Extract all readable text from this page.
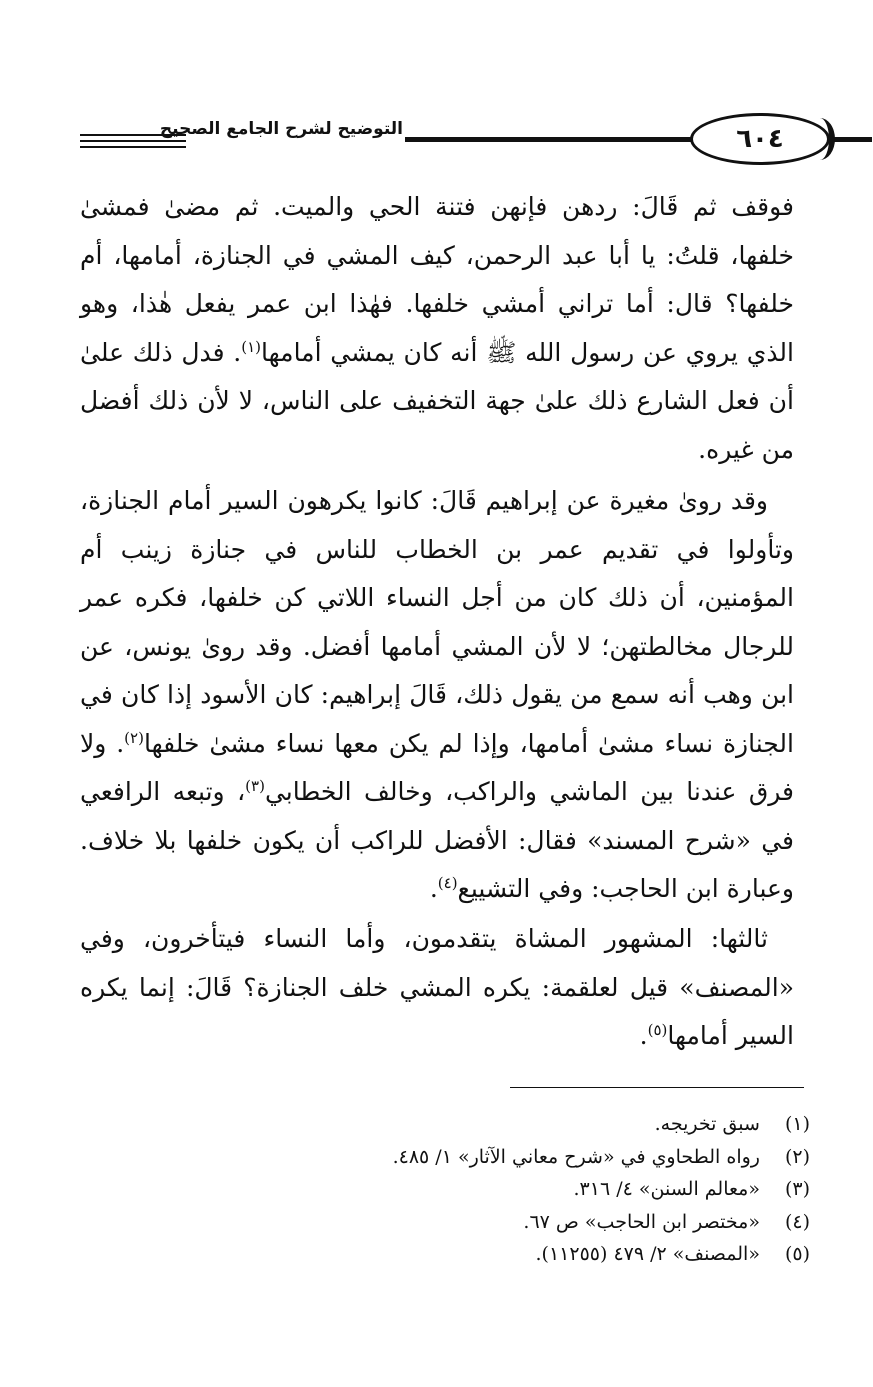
التوضيح لشرح الجامع الصحيح	٦٠٤

فوقف ثم قَالَ: ردهن فإنهن فتنة الحي والميت. ثم مضىٰ فمشىٰ خلفها، قلتُ: يا أبا عبد الرحمن، كيف المشي في الجنازة، أمامها، أم خلفها؟ قال: أما تراني أمشي خلفها. فهٰذا ابن عمر يفعل هٰذا، وهو الذي يروي عن رسول الله ﷺ أنه كان يمشي أمامها$^{(١)}$. فدل ذلك علىٰ أن فعل الشارع ذلك علىٰ جهة التخفيف على الناس، لا لأن ذلك أفضل من غيره.

وقد روىٰ مغيرة عن إبراهيم قَالَ: كانوا يكرهون السير أمام الجنازة، وتأولوا في تقديم عمر بن الخطاب للناس في جنازة زينب أم المؤمنين، أن ذلك كان من أجل النساء اللاتي كن خلفها، فكره عمر للرجال مخالطتهن؛ لا لأن المشي أمامها أفضل. وقد روىٰ يونس، عن ابن وهب أنه سمع من يقول ذلك، قَالَ إبراهيم: كان الأسود إذا كان في الجنازة نساء مشىٰ أمامها، وإذا لم يكن معها نساء مشىٰ خلفها$^{(٢)}$. ولا فرق عندنا بين الماشي والراكب، وخالف الخطابي$^{(٣)}$، وتبعه الرافعي في «شرح المسند» فقال: الأفضل للراكب أن يكون خلفها بلا خلاف. وعبارة ابن الحاجب: وفي التشييع$^{(٤)}$.

ثالثها: المشهور المشاة يتقدمون، وأما النساء فيتأخرون، وفي «المصنف» قيل لعلقمة: يكره المشي خلف الجنازة؟ قَالَ: إنما يكره السير أمامها$^{(٥)}$.

(١) سبق تخريجه.
(٢) رواه الطحاوي في «شرح معاني الآثار» ١/ ٤٨٥.
(٣) «معالم السنن» ٤/ ٣١٦.
(٤) «مختصر ابن الحاجب» ص ٦٧.
(٥) «المصنف» ٢/ ٤٧٩ (١١٢٥٥).
